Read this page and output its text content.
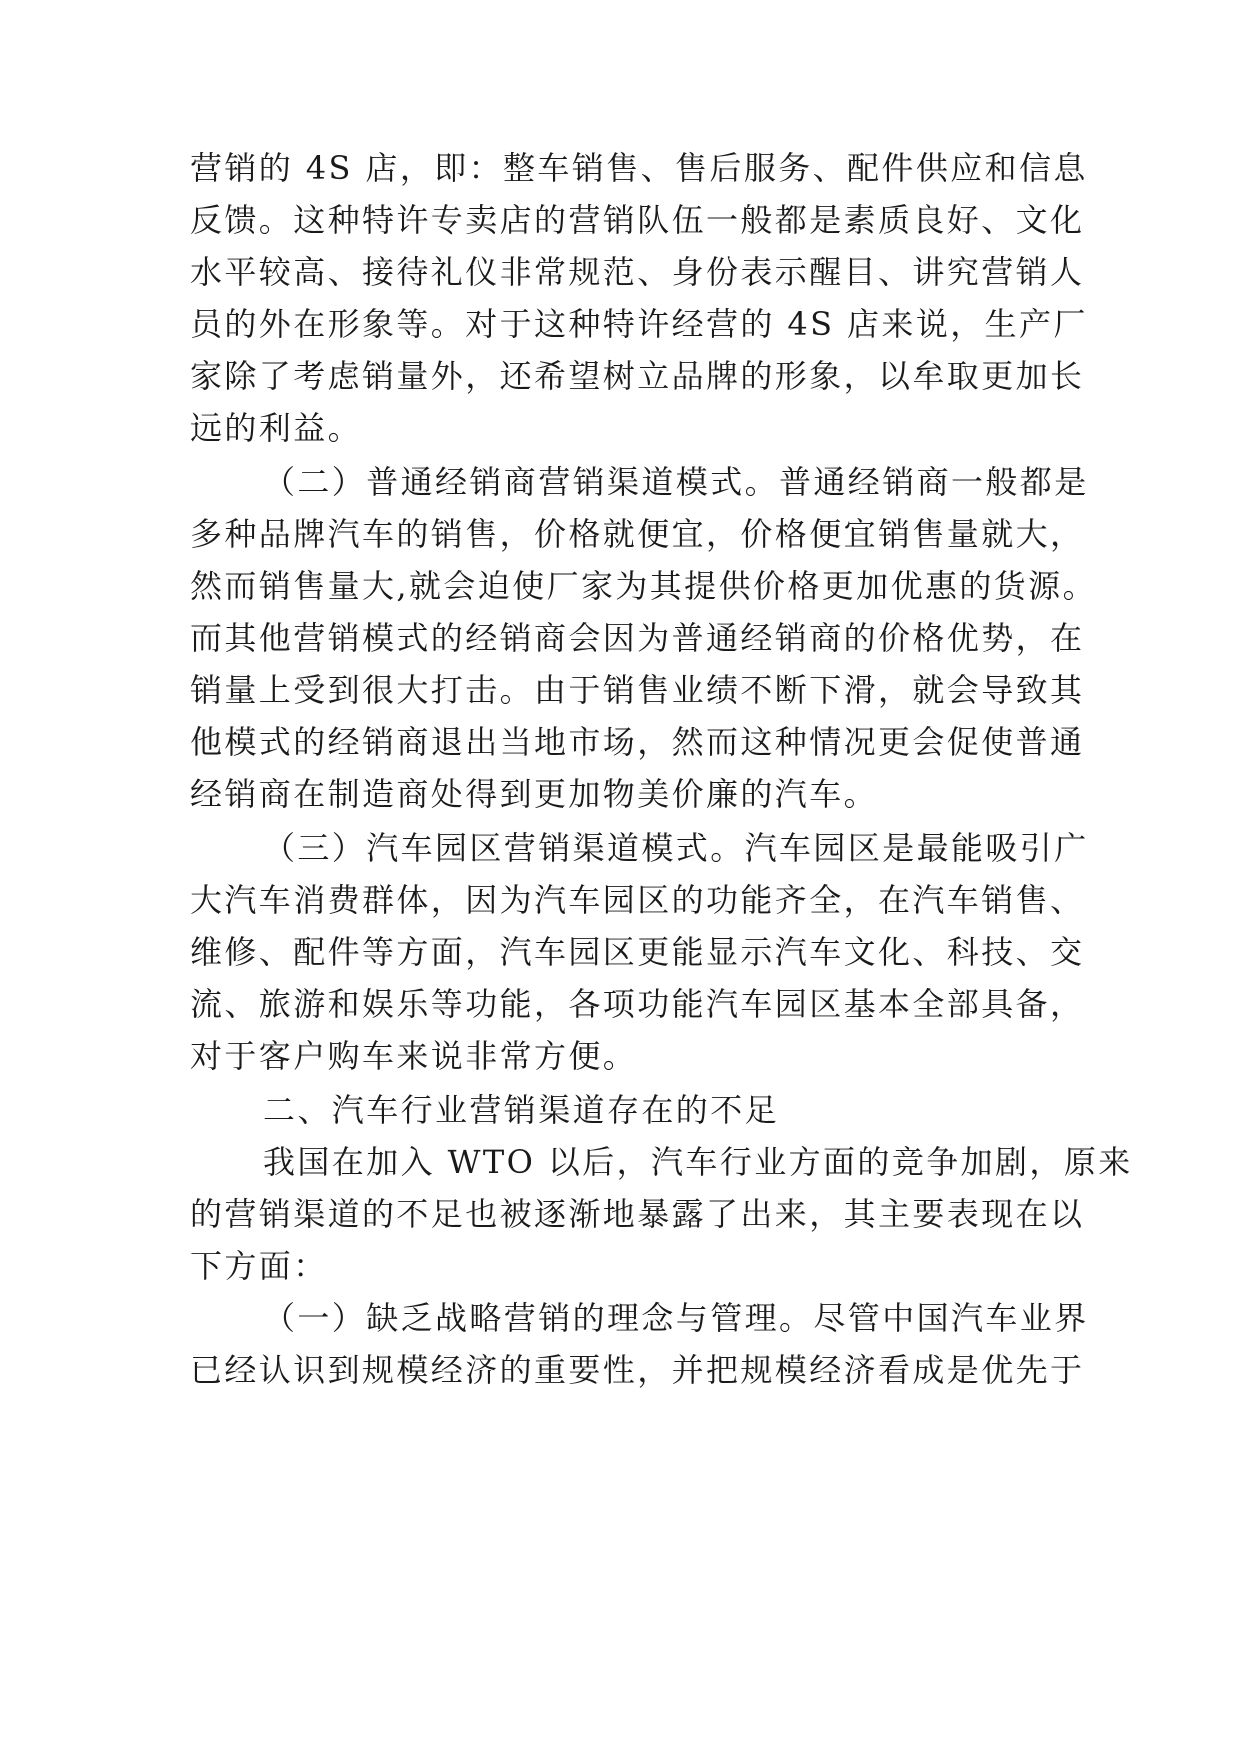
营销的 4S 店，即：整车销售、售后服务、配件供应和信息
反馈。这种特许专卖店的营销队伍一般都是素质良好、文化
水平较高、接待礼仪非常规范、身份表示醒目、讲究营销人
员的外在形象等。对于这种特许经营的 4S 店来说，生产厂
家除了考虑销量外，还希望树立品牌的形象，以牟取更加长
远的利益。
（二）普通经销商营销渠道模式。普通经销商一般都是
多种品牌汽车的销售，价格就便宜，价格便宜销售量就大，
然而销售量大,就会迫使厂家为其提供价格更加优惠的货源。
而其他营销模式的经销商会因为普通经销商的价格优势，在
销量上受到很大打击。由于销售业绩不断下滑，就会导致其
他模式的经销商退出当地市场，然而这种情况更会促使普通
经销商在制造商处得到更加物美价廉的汽车。
（三）汽车园区营销渠道模式。汽车园区是最能吸引广
大汽车消费群体，因为汽车园区的功能齐全，在汽车销售、
维修、配件等方面，汽车园区更能显示汽车文化、科技、交
流、旅游和娱乐等功能，各项功能汽车园区基本全部具备，
对于客户购车来说非常方便。
二、汽车行业营销渠道存在的不足
我国在加入 WTO 以后，汽车行业方面的竞争加剧，原来
的营销渠道的不足也被逐渐地暴露了出来，其主要表现在以
下方面：
（一）缺乏战略营销的理念与管理。尽管中国汽车业界
已经认识到规模经济的重要性，并把规模经济看成是优先于
